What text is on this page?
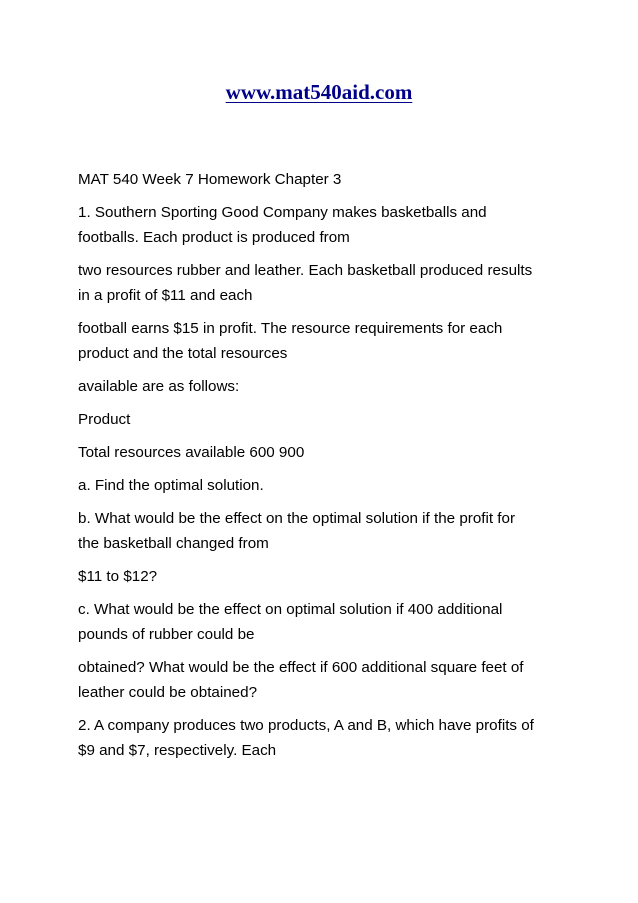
www.mat540aid.com

MAT 540 Week 7 Homework Chapter 3

1. Southern Sporting Good Company makes basketballs and
footballs. Each product is produced from

two resources rubber and leather. Each basketball produced results
in a profit of $11 and each

football earns $15 in profit. The resource requirements for each
product and the total resources

available are as follows:

Product

Total resources available 600 900

a. Find the optimal solution.

b. What would be the effect on the optimal solution if the profit for
the basketball changed from

$11 to $12?

c. What would be the effect on optimal solution if 400 additional
pounds of rubber could be

obtained? What would be the effect if 600 additional square feet of
leather could be obtained?

2. A company produces two products, A and B, which have profits of
$9 and $7, respectively. Each
